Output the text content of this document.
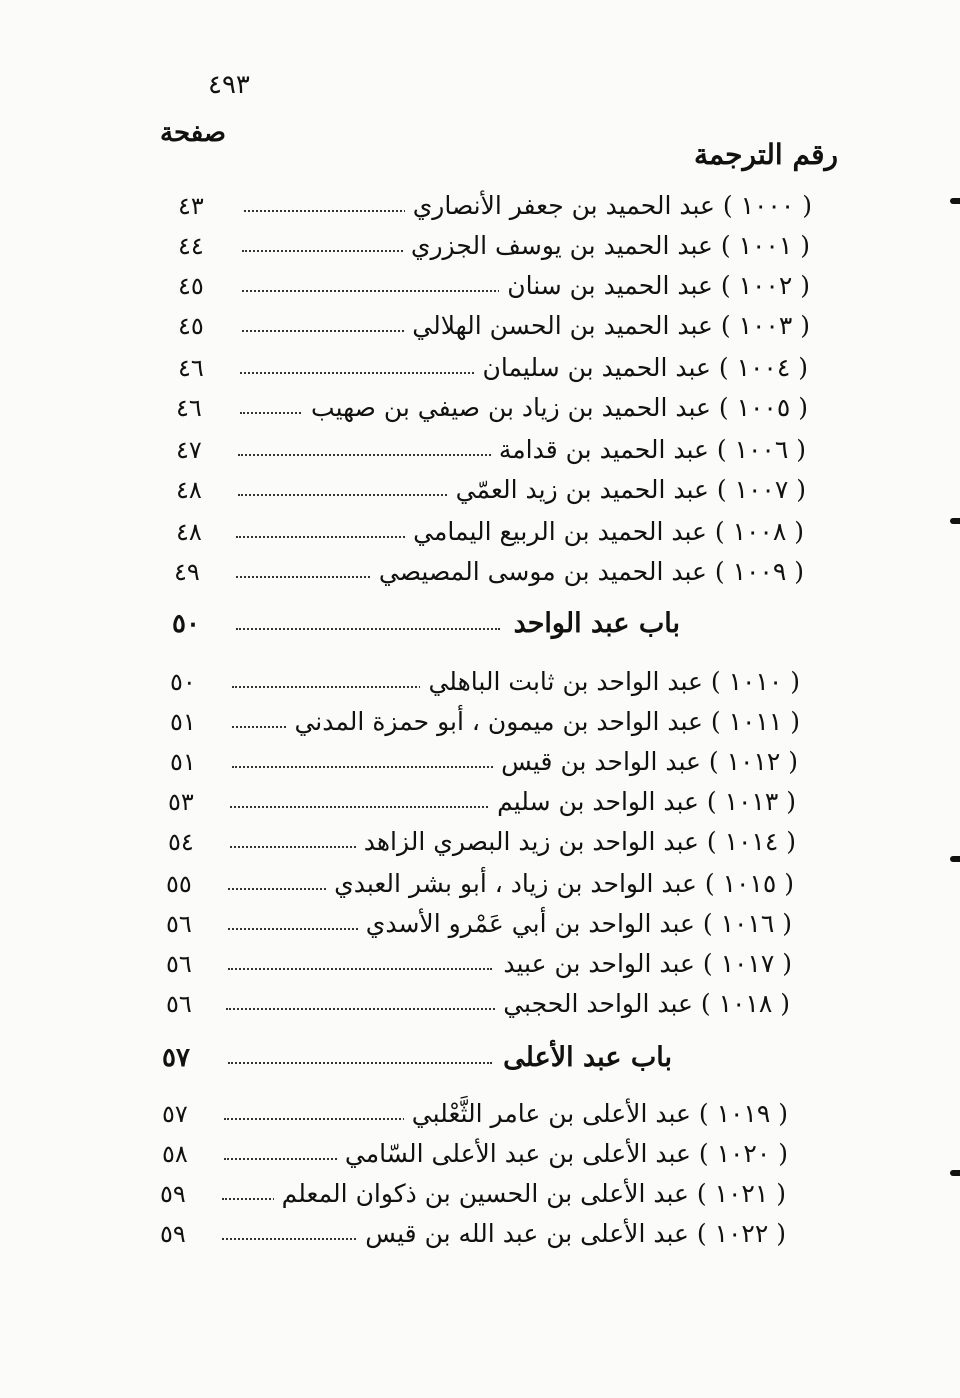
٤٩٣
صفحة
رقم الترجمة
٤٣	( ١٠٠٠ ) عبد الحميد بن جعفر الأنصاري
٤٤	( ١٠٠١ ) عبد الحميد بن يوسف الجزري
٤٥	( ١٠٠٢ ) عبد الحميد بن سنان
٤٥	( ١٠٠٣ ) عبد الحميد بن الحسن الهلالي
٤٦	( ١٠٠٤ ) عبد الحميد بن سليمان
٤٦	( ١٠٠٥ ) عبد الحميد بن زياد بن صيفي بن صهيب
٤٧	( ١٠٠٦ ) عبد الحميد بن قدامة
٤٨	( ١٠٠٧ ) عبد الحميد بن زيد العمّي
٤٨	( ١٠٠٨ ) عبد الحميد بن الربيع اليمامي
٤٩	( ١٠٠٩ ) عبد الحميد بن موسى المصيصي
٥٠	باب عبد الواحد
٥٠	( ١٠١٠ ) عبد الواحد بن ثابت الباهلي
٥١	( ١٠١١ ) عبد الواحد بن ميمون ، أبو حمزة المدني
٥١	( ١٠١٢ ) عبد الواحد بن قيس
٥٣	( ١٠١٣ ) عبد الواحد بن سليم
٥٤	( ١٠١٤ ) عبد الواحد بن زيد البصري الزاهد
٥٥	( ١٠١٥ ) عبد الواحد بن زياد ، أبو بشر العبدي
٥٦	( ١٠١٦ ) عبد الواحد بن أبي عَمْرو الأسدي
٥٦	( ١٠١٧ ) عبد الواحد بن عبيد
٥٦	( ١٠١٨ ) عبد الواحد الحجبي
٥٧	باب عبد الأعلى
٥٧	( ١٠١٩ ) عبد الأعلى بن عامر الثَّعْلبي
٥٨	( ١٠٢٠ ) عبد الأعلى بن عبد الأعلى السّامي
٥٩	( ١٠٢١ ) عبد الأعلى بن الحسين بن ذكوان المعلم
٥٩	( ١٠٢٢ ) عبد الأعلى بن عبد الله بن قيس
